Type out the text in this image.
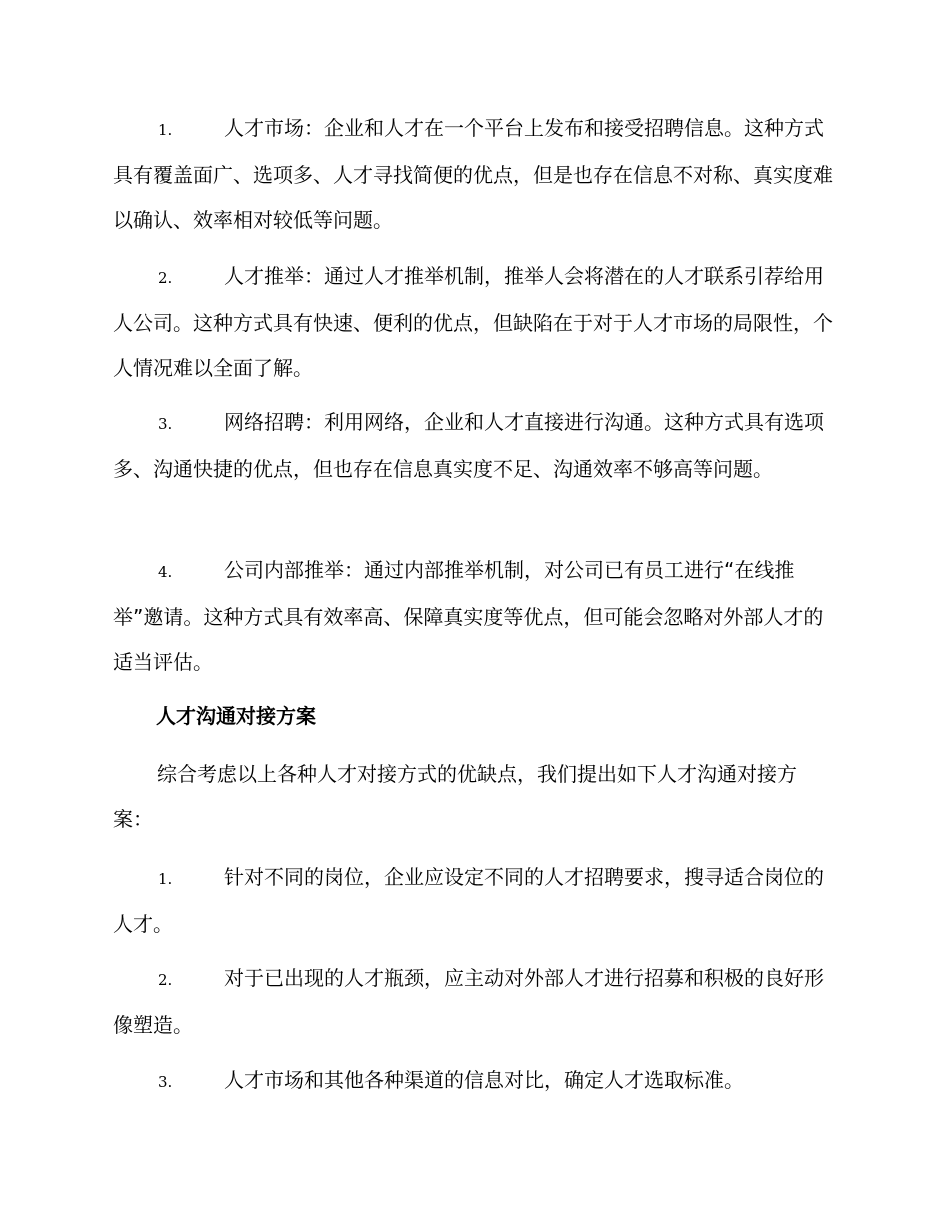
1.	人才市场：企业和人才在一个平台上发布和接受招聘信息。这种方式具有覆盖面广、选项多、人才寻找简便的优点，但是也存在信息不对称、真实度难以确认、效率相对较低等问题。

2.	人才推举：通过人才推举机制，推举人会将潜在的人才联系引荐给用人公司。这种方式具有快速、便利的优点，但缺陷在于对于人才市场的局限性，个人情况难以全面了解。

3.	网络招聘：利用网络，企业和人才直接进行沟通。这种方式具有选项多、沟通快捷的优点，但也存在信息真实度不足、沟通效率不够高等问题。

4.	公司内部推举：通过内部推举机制，对公司已有员工进行“在线推举”邀请。这种方式具有效率高、保障真实度等优点，但可能会忽略对外部人才的适当评估。

人才沟通对接方案

综合考虑以上各种人才对接方式的优缺点，我们提出如下人才沟通对接方案：

1.	针对不同的岗位，企业应设定不同的人才招聘要求，搜寻适合岗位的人才。

2.	对于已出现的人才瓶颈，应主动对外部人才进行招募和积极的良好形像塑造。

3.	人才市场和其他各种渠道的信息对比，确定人才选取标准。
